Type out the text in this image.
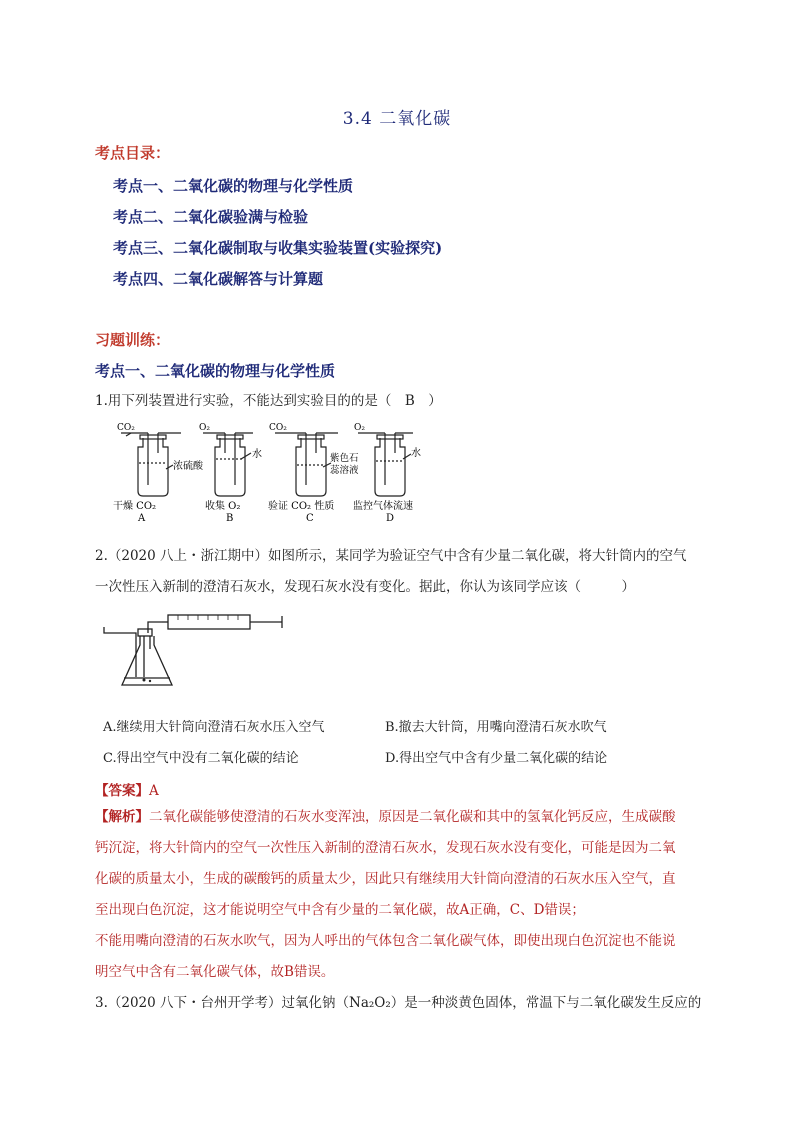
3.4 二氧化碳
考点目录：
考点一、二氧化碳的物理与化学性质
考点二、二氧化碳验满与检验
考点三、二氧化碳制取与收集实验装置(实验探究)
考点四、二氧化碳解答与计算题
习题训练：
考点一、二氧化碳的物理与化学性质
1.用下列装置进行实验，不能达到实验目的的是（　B　）
CO₂
浓硫酸
干燥 CO₂
A
O₂
水
收集 O₂
B
CO₂
紫色石
蕊溶液
验证 CO₂ 性质
C
O₂
水
监控气体流速
D
2.（2020 八上・浙江期中）如图所示，某同学为验证空气中含有少量二氧化碳，将大针筒内的空气
一次性压入新制的澄清石灰水，发现石灰水没有变化。据此，你认为该同学应该（　　　）
A.继续用大针筒向澄清石灰水压入空气	B.撤去大针筒，用嘴向澄清石灰水吹气
C.得出空气中没有二氧化碳的结论	D.得出空气中含有少量二氧化碳的结论
【答案】A
【解析】二氧化碳能够使澄清的石灰水变浑浊，原因是二氧化碳和其中的氢氧化钙反应，生成碳酸
钙沉淀，将大针筒内的空气一次性压入新制的澄清石灰水，发现石灰水没有变化，可能是因为二氧
化碳的质量太小，生成的碳酸钙的质量太少，因此只有继续用大针筒向澄清的石灰水压入空气，直
至出现白色沉淀，这才能说明空气中含有少量的二氧化碳，故A正确，C、D错误；
不能用嘴向澄清的石灰水吹气，因为人呼出的气体包含二氧化碳气体，即使出现白色沉淀也不能说
明空气中含有二氧化碳气体，故B错误。
3.（2020 八下・台州开学考）过氧化钠（Na₂O₂）是一种淡黄色固体，常温下与二氧化碳发生反应的
